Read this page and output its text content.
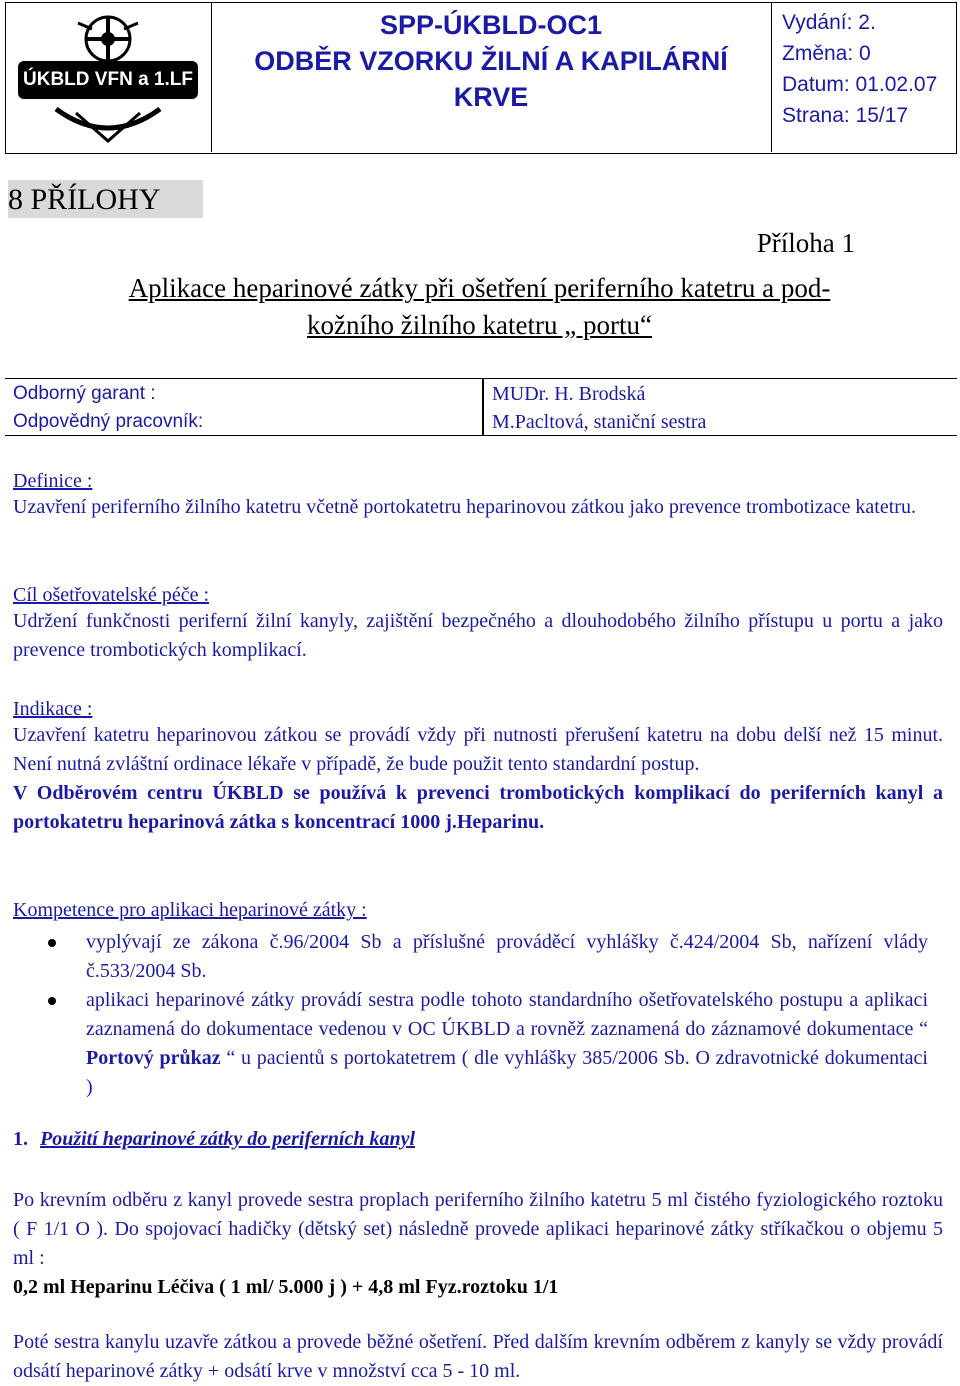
ÚKBLD VFN a 1.LF UK
SPP-ÚKBLD-OC1
ODBĚR VZORKU ŽILNÍ A KAPILÁRNÍ
KRVE
Vydání: 2.
Změna: 0
Datum: 01.02.07
Strana: 15/17
8 PŘÍLOHY
Příloha 1
Aplikace heparinové zátky při ošetření periferního katetru a pod-
kožního žilního katetru „ portu“
Odborný garant :
Odpovědný pracovník:
MUDr. H. Brodská
M.Pacltová, staniční sestra
Definice :
Uzavření periferního žilního katetru včetně portokatetru heparinovou zátkou jako prevence trombotizace katetru.
Cíl ošetřovatelské péče :
Udržení funkčnosti periferní žilní kanyly, zajištění bezpečného a dlouhodobého žilního přístupu u portu a jako prevence trombotických komplikací.
Indikace :
Uzavření katetru heparinovou zátkou se provádí vždy při nutnosti přerušení katetru na dobu delší než 15 minut. Není nutná zvláštní ordinace lékaře v případě, že bude použit tento standardní postup.
V Odběrovém centru ÚKBLD se používá k prevenci trombotických komplikací do periferních kanyl a portokatetru heparinová zátka s koncentrací 1000 j.Heparinu.
Kompetence pro aplikaci heparinové zátky :
vyplývají ze zákona č.96/2004 Sb a příslušné prováděcí vyhlášky č.424/2004 Sb, nařízení vlády č.533/2004 Sb.
aplikaci heparinové zátky provádí sestra podle tohoto standardního ošetřovatelského postupu a aplikaci zaznamená do dokumentace vedenou v OC ÚKBLD a rovněž zaznamená do záznamové dokumentace “ Portový průkaz “ u pacientů s portokatetrem ( dle vyhlášky 385/2006 Sb. O zdravotnické dokumentaci )
1. Použití heparinové zátky do periferních kanyl
Po krevním odběru z kanyl provede sestra proplach periferního žilního katetru 5 ml čistého fyziologického roztoku ( F 1/1 O ). Do spojovací hadičky (dětský set) následně provede aplikaci heparinové zátky stříkačkou o objemu 5 ml :
0,2 ml Heparinu Léčiva ( 1 ml/ 5.000 j ) + 4,8 ml Fyz.roztoku 1/1
Poté sestra kanylu uzavře zátkou a provede běžné ošetření. Před dalším krevním odběrem z kanyly se vždy provádí odsátí heparinové zátky + odsátí krve v množství cca 5 - 10 ml.
